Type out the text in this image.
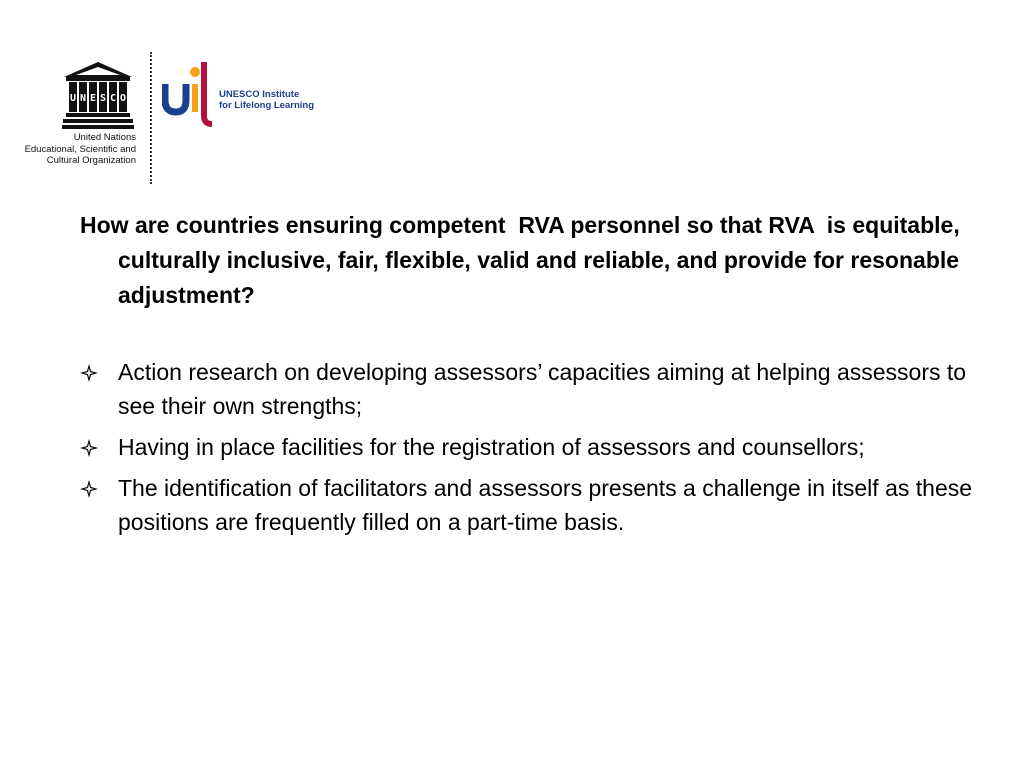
U N E S C O
United Nations
Educational, Scientific and
Cultural Organization
UNESCO Institute
for Lifelong Learning

How are countries ensuring competent  RVA personnel so that RVA  is equitable, culturally inclusive, fair, flexible, valid and reliable, and provide for resonable adjustment?

Action research on developing assessors’ capacities aiming at helping assessors to see their own strengths;
Having in place facilities for the registration of assessors and counsellors;
The identification of facilitators and assessors presents a challenge in itself as these positions are frequently filled on a part-time basis.
